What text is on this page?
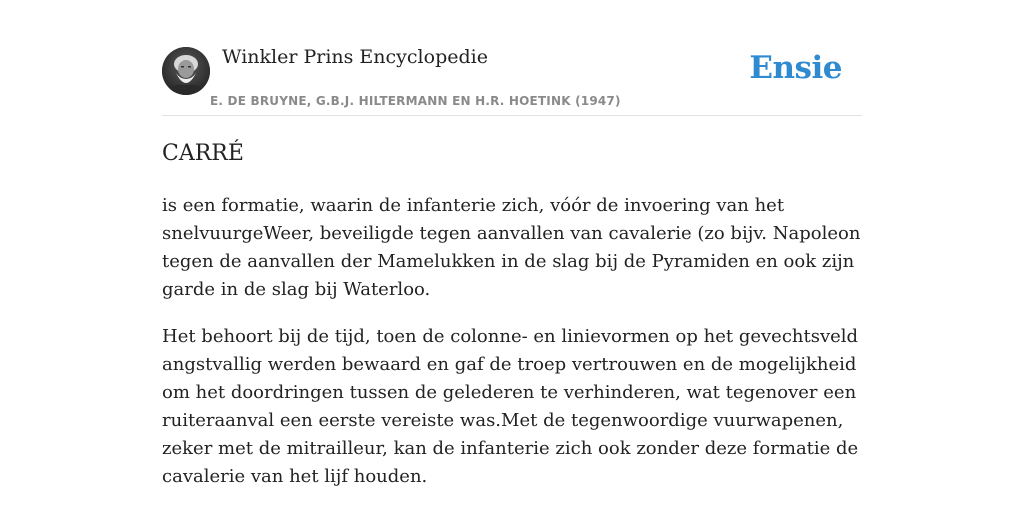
Winkler Prins Encyclopedie
E. DE BRUYNE, G.B.J. HILTERMANN EN H.R. HOETINK (1947)
Ensie
CARRÉ

is een formatie, waarin de infanterie zich, vóór de invoering van het snelvuurgeWeer, beveiligde tegen aanvallen van cavalerie (zo bijv. Napoleon tegen de aanvallen der Mamelukken in de slag bij de Pyramiden en ook zijn garde in de slag bij Waterloo.

Het behoort bij de tijd, toen de colonne- en linievormen op het gevechtsveld angstvallig werden bewaard en gaf de troep vertrouwen en de mogelijkheid om het doordringen tussen de gelederen te verhinderen, wat tegenover een ruiteraanval een eerste vereiste was.Met de tegenwoordige vuurwapenen, zeker met de mitrailleur, kan de infanterie zich ook zonder deze formatie de cavalerie van het lijf houden.
